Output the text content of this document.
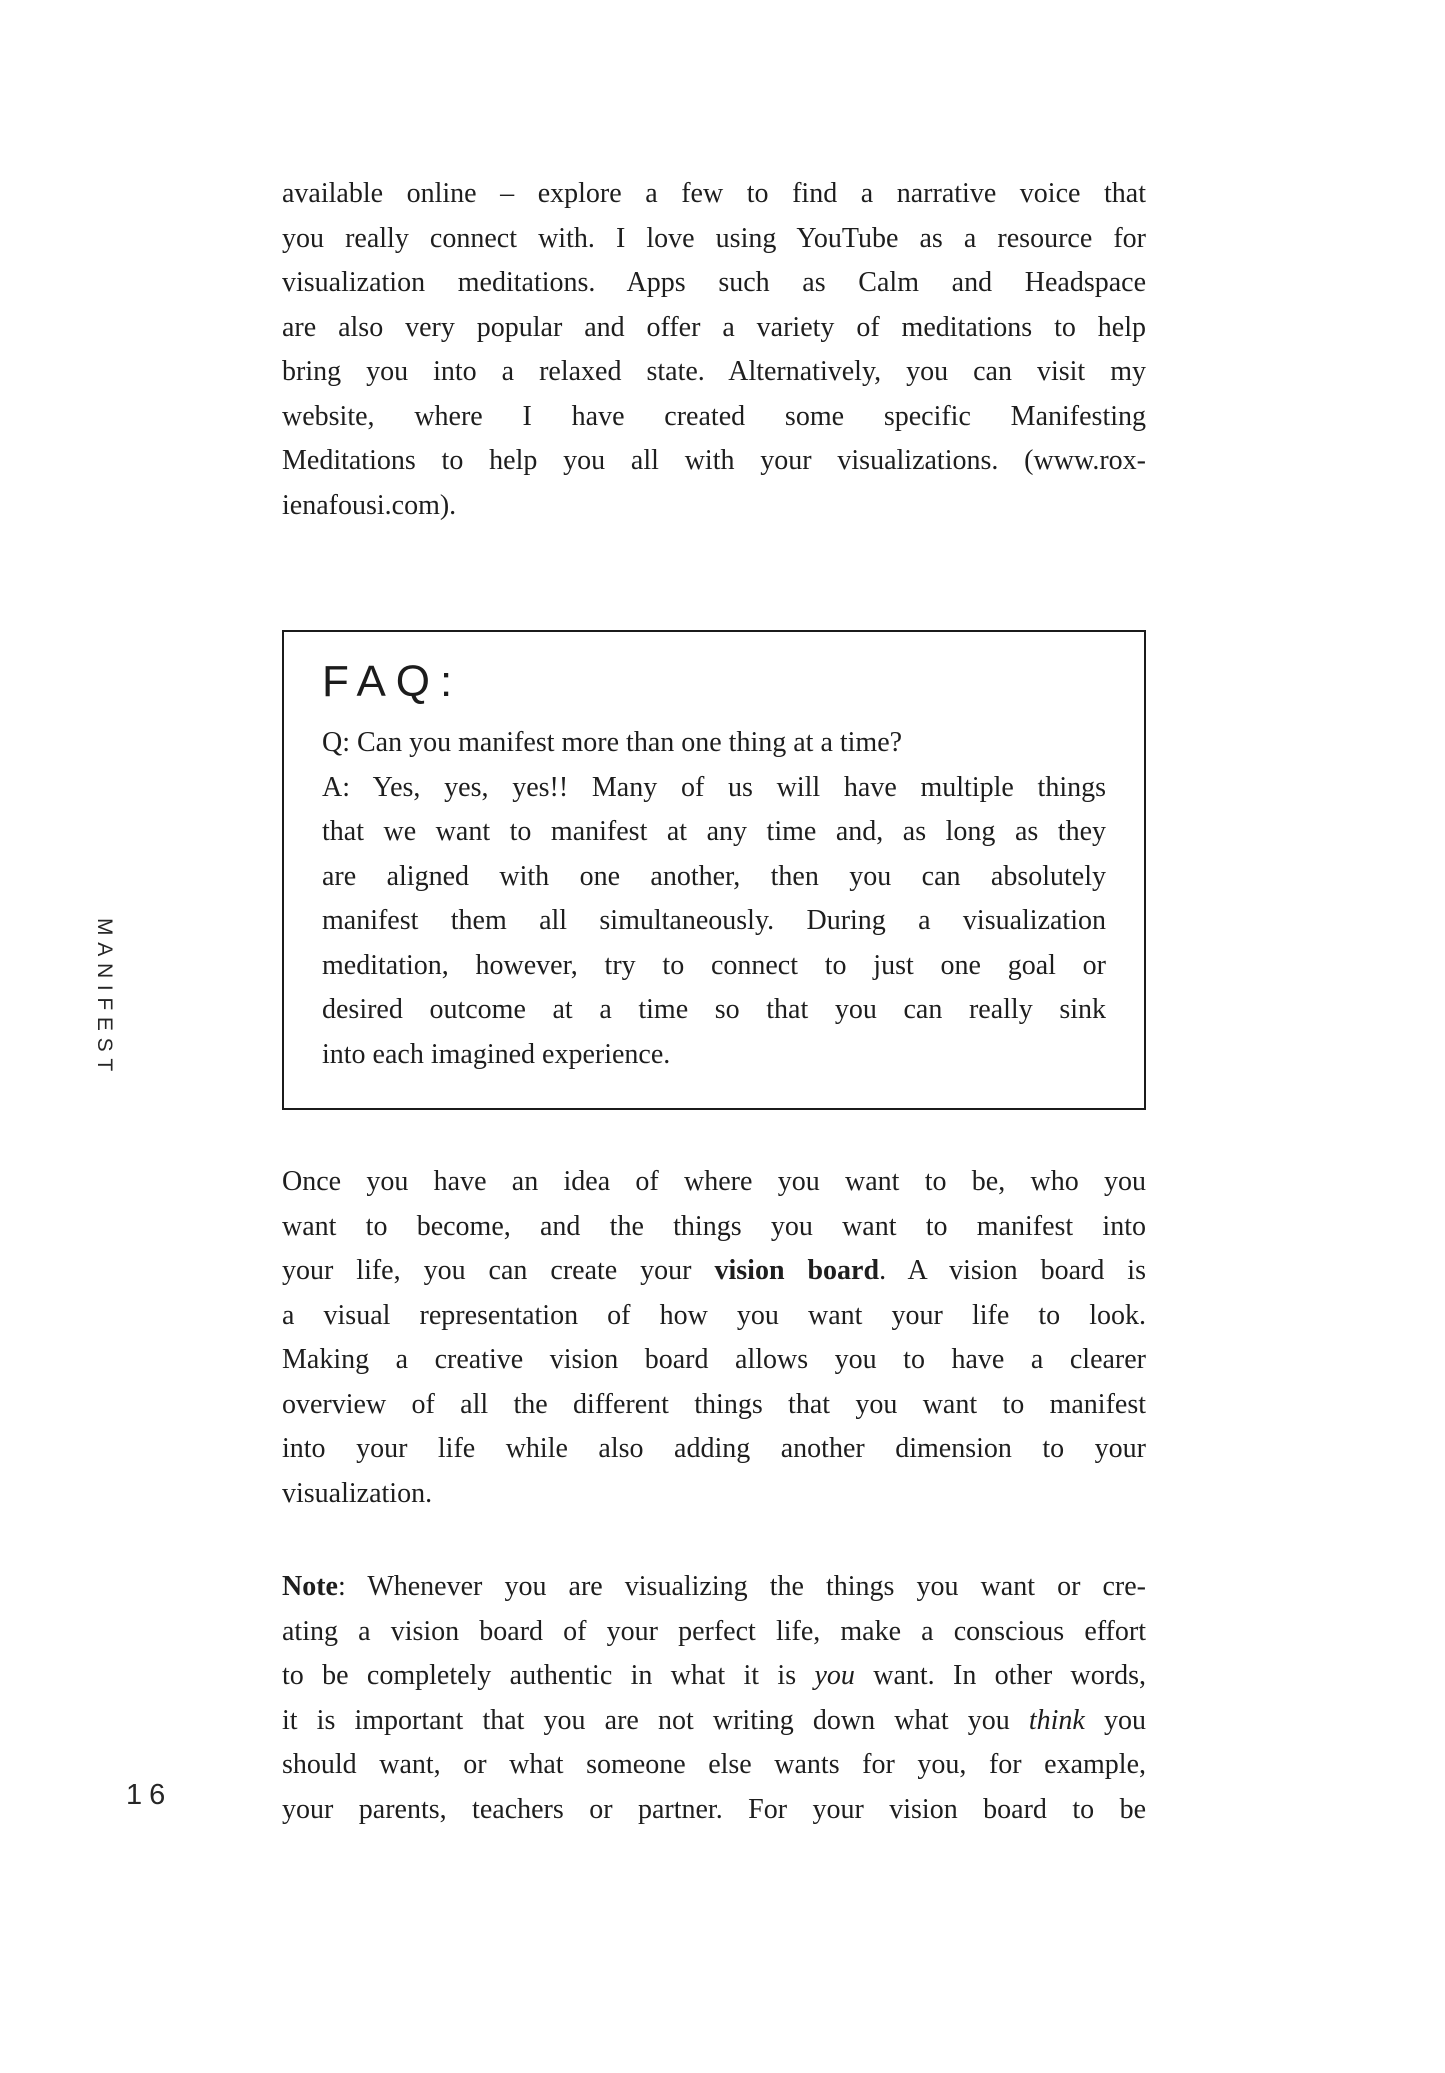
MANIFEST
16
available online – explore a few to find a narrative voice that
you really connect with. I love using YouTube as a resource for
visualization meditations. Apps such as Calm and Headspace
are also very popular and offer a variety of meditations to help
bring you into a relaxed state. Alternatively, you can visit my
website, where I have created some specific Manifesting
Meditations to help you all with your visualizations. (www.rox-
ienafousi.com).
FAQ:
Q: Can you manifest more than one thing at a time?
A: Yes, yes, yes!! Many of us will have multiple things
that we want to manifest at any time and, as long as they
are aligned with one another, then you can absolutely
manifest them all simultaneously. During a visualization
meditation, however, try to connect to just one goal or
desired outcome at a time so that you can really sink
into each imagined experience.
Once you have an idea of where you want to be, who you
want to become, and the things you want to manifest into
your life, you can create your vision board. A vision board is
a visual representation of how you want your life to look.
Making a creative vision board allows you to have a clearer
overview of all the different things that you want to manifest
into your life while also adding another dimension to your
visualization.
Note: Whenever you are visualizing the things you want or cre-
ating a vision board of your perfect life, make a conscious effort
to be completely authentic in what it is you want. In other words,
it is important that you are not writing down what you think you
should want, or what someone else wants for you, for example,
your parents, teachers or partner. For your vision board to be
